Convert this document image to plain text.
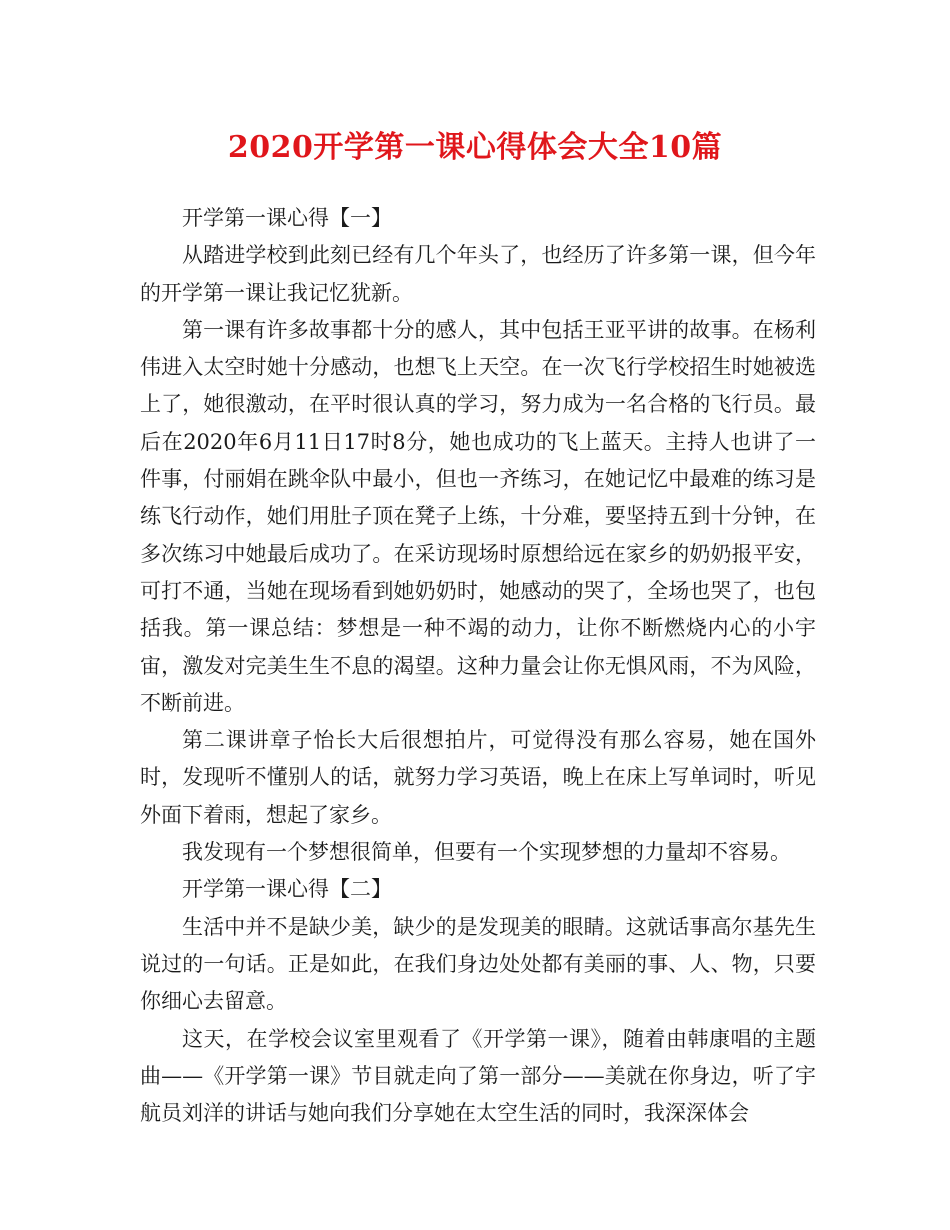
2020开学第一课心得体会大全10篇

开学第一课心得【一】

从踏进学校到此刻已经有几个年头了，也经历了许多第一课，但今年的开学第一课让我记忆犹新。

第一课有许多故事都十分的感人，其中包括王亚平讲的故事。在杨利伟进入太空时她十分感动，也想飞上天空。在一次飞行学校招生时她被选上了，她很激动，在平时很认真的学习，努力成为一名合格的飞行员。最后在2020年6月11日17时8分，她也成功的飞上蓝天。主持人也讲了一件事，付丽娟在跳伞队中最小，但也一齐练习，在她记忆中最难的练习是练飞行动作，她们用肚子顶在凳子上练，十分难，要坚持五到十分钟，在多次练习中她最后成功了。在采访现场时原想给远在家乡的奶奶报平安，可打不通，当她在现场看到她奶奶时，她感动的哭了，全场也哭了，也包括我。第一课总结：梦想是一种不竭的动力，让你不断燃烧内心的小宇宙，激发对完美生生不息的渴望。这种力量会让你无惧风雨，不为风险，不断前进。

第二课讲章子怡长大后很想拍片，可觉得没有那么容易，她在国外时，发现听不懂别人的话，就努力学习英语，晚上在床上写单词时，听见外面下着雨，想起了家乡。

我发现有一个梦想很简单，但要有一个实现梦想的力量却不容易。

开学第一课心得【二】

生活中并不是缺少美，缺少的是发现美的眼睛。这就话事高尔基先生说过的一句话。正是如此，在我们身边处处都有美丽的事、人、物，只要你细心去留意。

这天，在学校会议室里观看了《开学第一课》，随着由韩康唱的主题曲——《开学第一课》节目就走向了第一部分——美就在你身边，听了宇航员刘洋的讲话与她向我们分享她在太空生活的同时，我深深体会
